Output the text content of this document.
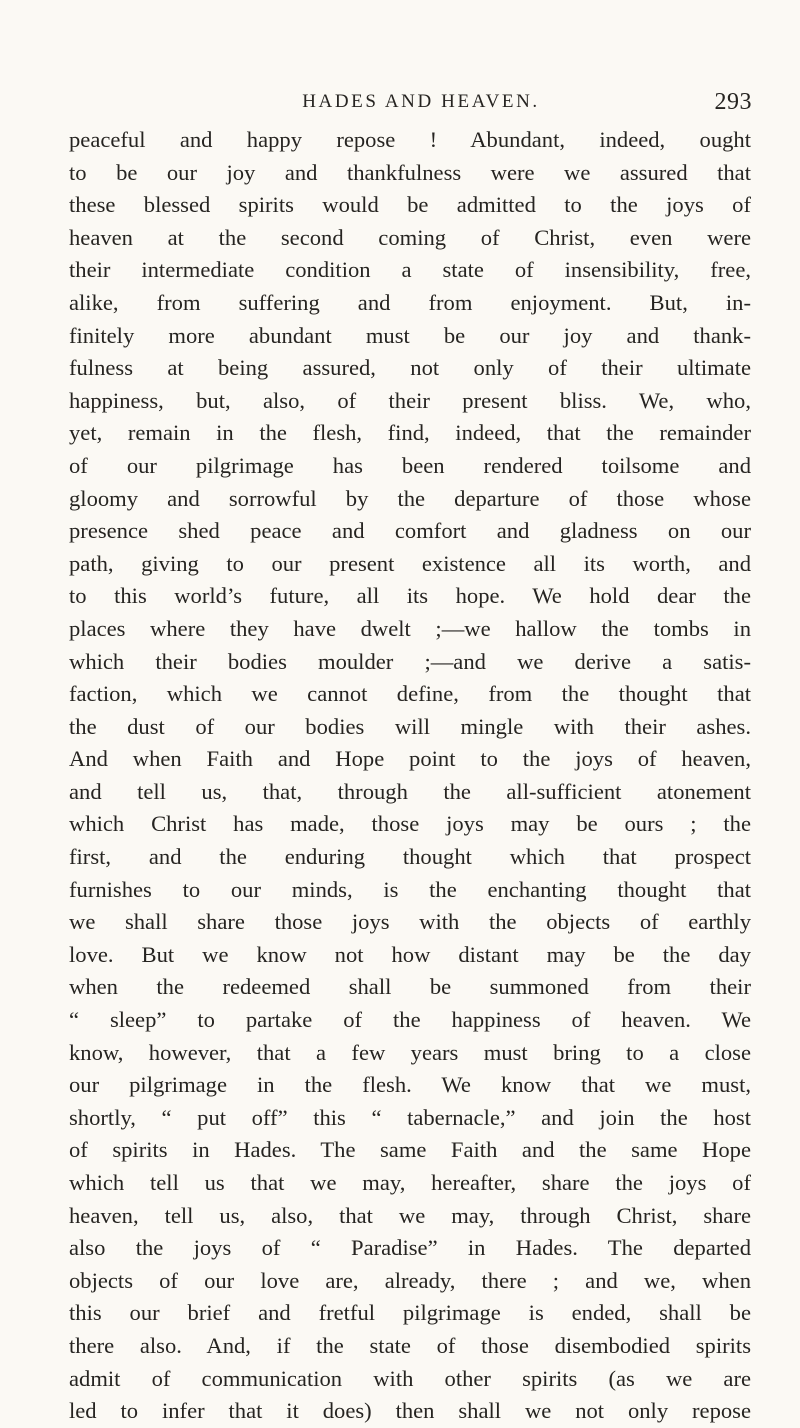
HADES AND HEAVEN.	293
peaceful and happy repose ! Abundant, indeed, ought
to be our joy and thankfulness were we assured that
these blessed spirits would be admitted to the joys of
heaven at the second coming of Christ, even were
their intermediate condition a state of insensibility, free,
alike, from suffering and from enjoyment. But, in-
finitely more abundant must be our joy and thank-
fulness at being assured, not only of their ultimate
happiness, but, also, of their present bliss. We, who,
yet, remain in the flesh, find, indeed, that the remainder
of our pilgrimage has been rendered toilsome and
gloomy and sorrowful by the departure of those whose
presence shed peace and comfort and gladness on our
path, giving to our present existence all its worth, and
to this world’s future, all its hope. We hold dear the
places where they have dwelt ;—we hallow the tombs in
which their bodies moulder ;—and we derive a satis-
faction, which we cannot define, from the thought that
the dust of our bodies will mingle with their ashes.
And when Faith and Hope point to the joys of heaven,
and tell us, that, through the all-sufficient atonement
which Christ has made, those joys may be ours ; the
first, and the enduring thought which that prospect
furnishes to our minds, is the enchanting thought that
we shall share those joys with the objects of earthly
love. But we know not how distant may be the day
when the redeemed shall be summoned from their
“ sleep” to partake of the happiness of heaven. We
know, however, that a few years must bring to a close
our pilgrimage in the flesh. We know that we must,
shortly, “ put off” this “ tabernacle,” and join the host
of spirits in Hades. The same Faith and the same Hope
which tell us that we may, hereafter, share the joys of
heaven, tell us, also, that we may, through Christ, share
also the joys of “ Paradise” in Hades. The departed
objects of our love are, already, there ; and we, when
this our brief and fretful pilgrimage is ended, shall be
there also. And, if the state of those disembodied spirits
admit of communication with other spirits (as we are
led to infer that it does) then shall we not only repose
